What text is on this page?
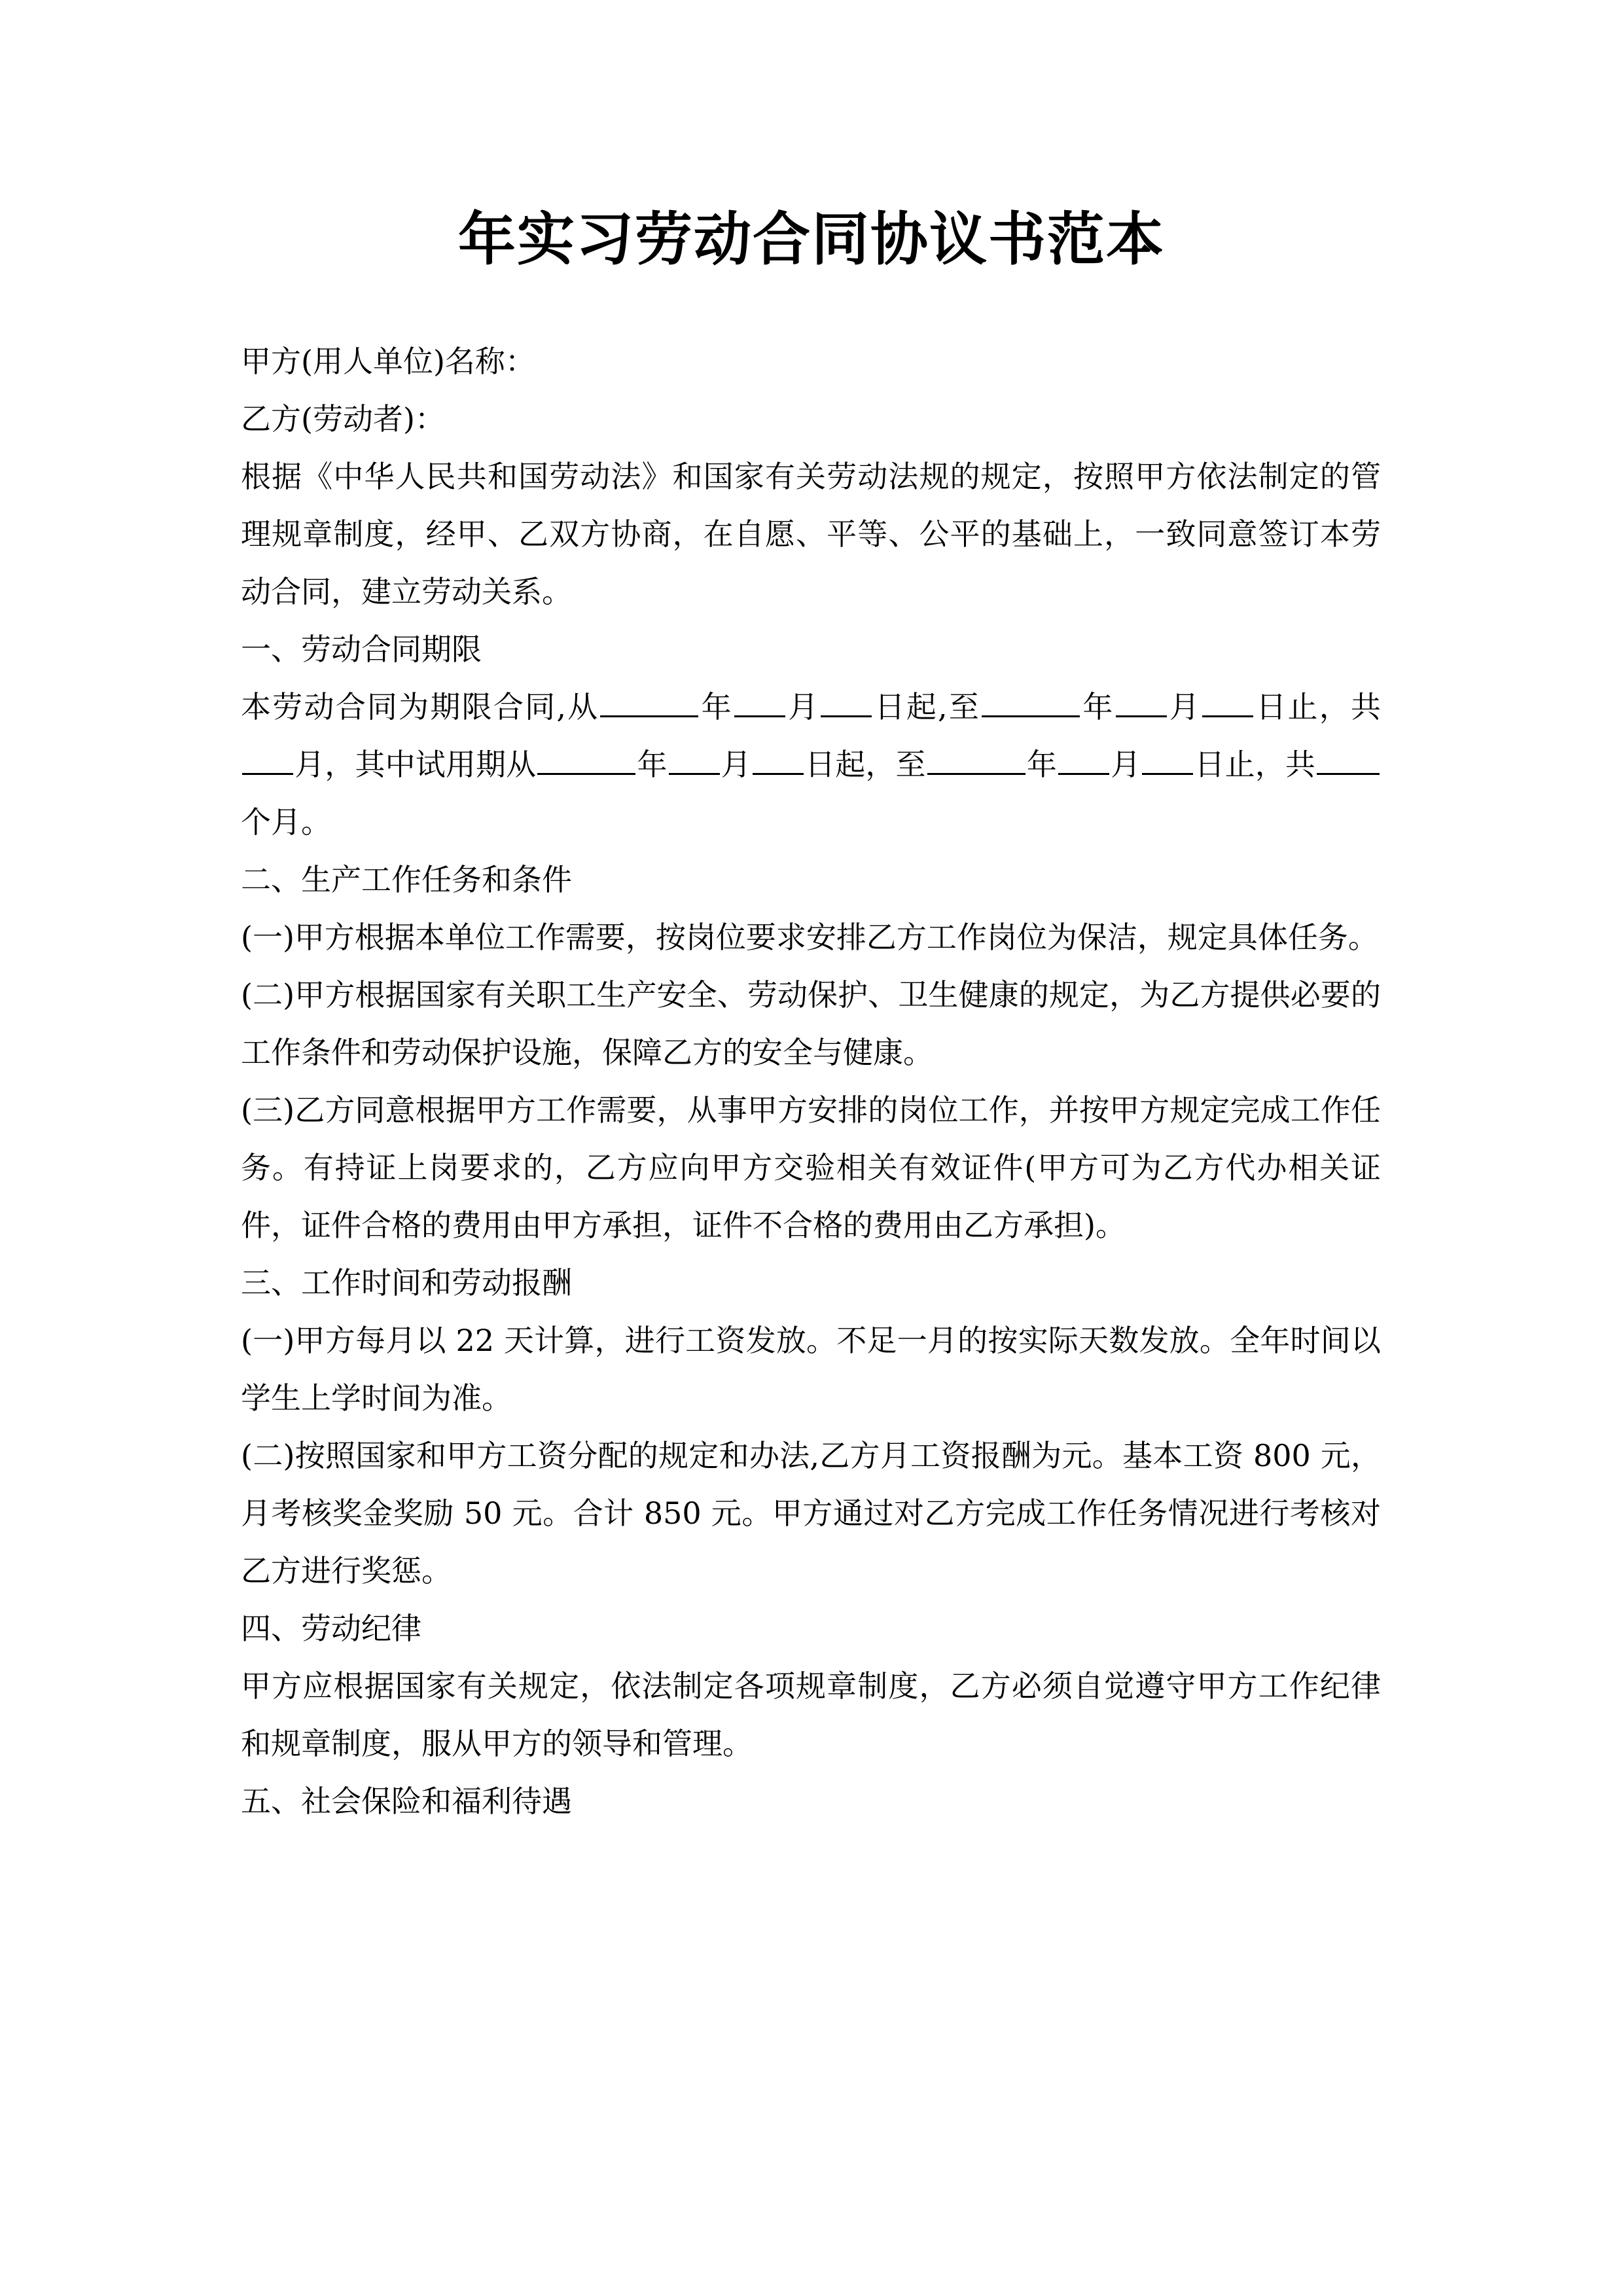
年实习劳动合同协议书范本

甲方(用人单位)名称：

乙方(劳动者)：

根据《中华人民共和国劳动法》和国家有关劳动法规的规定，按照甲方依法制定的管理规章制度，经甲、乙双方协商，在自愿、平等、公平的基础上，一致同意签订本劳动合同，建立劳动关系。

一、劳动合同期限

本劳动合同为期限合同,从	年 月 日起,至	年 月 日止，共月，其中试用期从	年 月 日起，至	年 月 日止，共个月。

二、生产工作任务和条件

(一)甲方根据本单位工作需要，按岗位要求安排乙方工作岗位为保洁，规定具体任务。

(二)甲方根据国家有关职工生产安全、劳动保护、卫生健康的规定，为乙方提供必要的工作条件和劳动保护设施，保障乙方的安全与健康。

(三)乙方同意根据甲方工作需要，从事甲方安排的岗位工作，并按甲方规定完成工作任务。有持证上岗要求的，乙方应向甲方交验相关有效证件(甲方可为乙方代办相关证件，证件合格的费用由甲方承担，证件不合格的费用由乙方承担)。

三、工作时间和劳动报酬

(一)甲方每月以 22 天计算，进行工资发放。不足一月的按实际天数发放。全年时间以学生上学时间为准。

(二)按照国家和甲方工资分配的规定和办法,乙方月工资报酬为元。基本工资 800 元，月考核奖金奖励 50 元。合计 850 元。甲方通过对乙方完成工作任务情况进行考核对乙方进行奖惩。

四、劳动纪律

甲方应根据国家有关规定，依法制定各项规章制度，乙方必须自觉遵守甲方工作纪律和规章制度，服从甲方的领导和管理。

五、社会保险和福利待遇
